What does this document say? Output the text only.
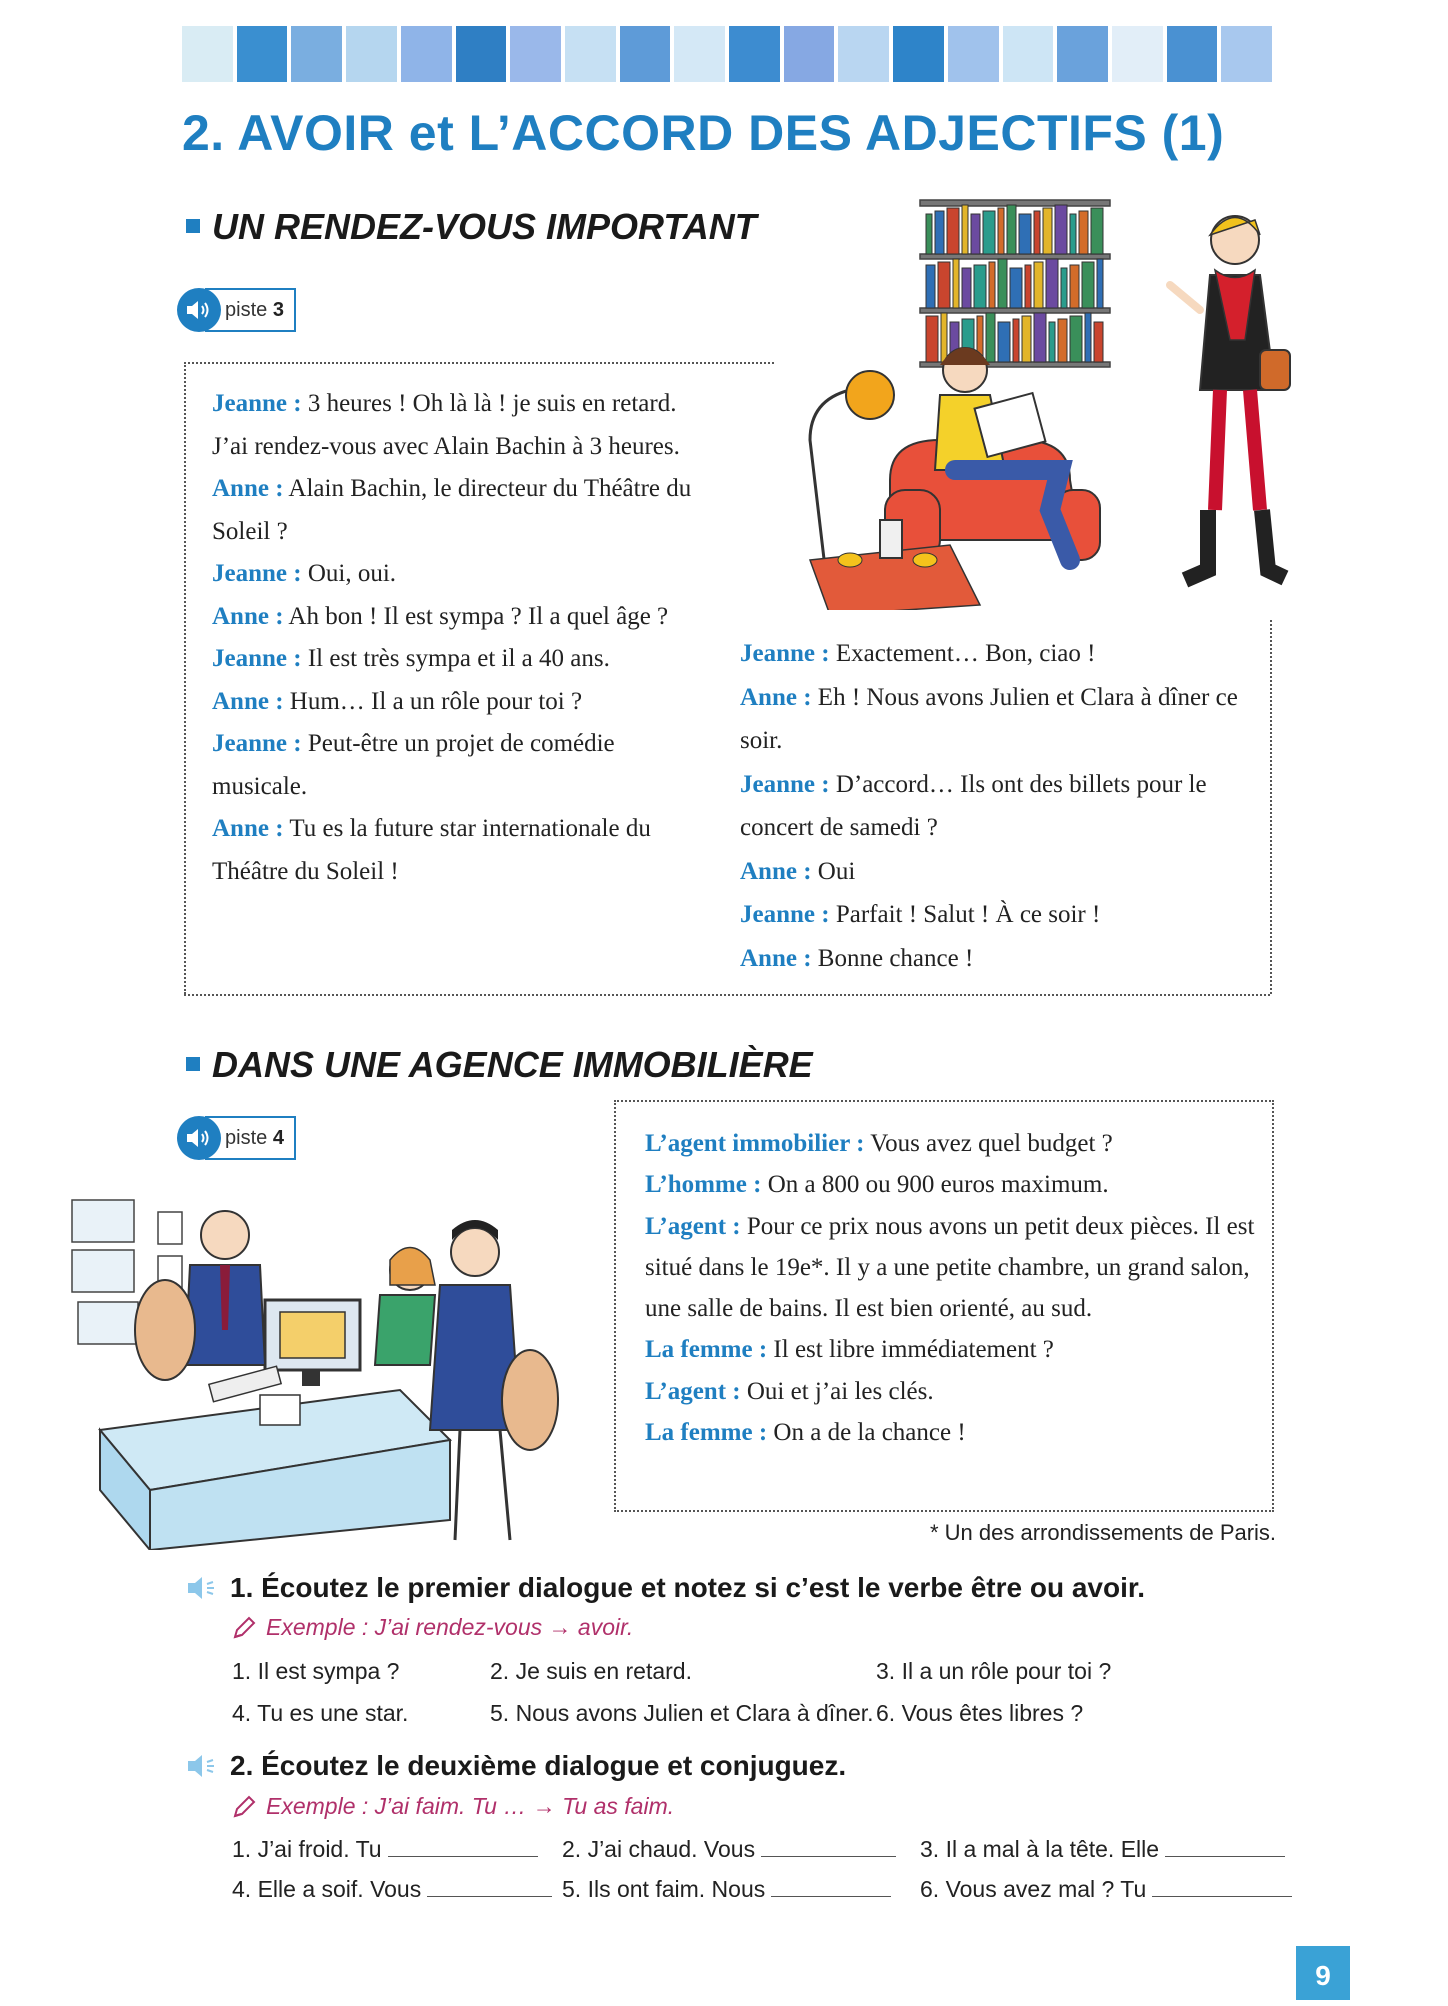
2. AVOIR et L’ACCORD DES ADJECTIFS (1)
UN RENDEZ-VOUS IMPORTANT
piste 3
Jeanne : 3 heures ! Oh là là ! je suis en retard. J’ai rendez-vous avec Alain Bachin à 3 heures.
Anne : Alain Bachin, le directeur du Théâtre du Soleil ?
Jeanne : Oui, oui.
Anne : Ah bon ! Il est sympa ? Il a quel âge ?
Jeanne : Il est très sympa et il a 40 ans.
Anne : Hum… Il a un rôle pour toi ?
Jeanne : Peut-être un projet de comédie musicale.
Anne : Tu es la future star internationale du Théâtre du Soleil !
Jeanne : Exactement… Bon, ciao !
Anne : Eh ! Nous avons Julien et Clara à dîner ce soir.
Jeanne : D’accord… Ils ont des billets pour le concert de samedi ?
Anne : Oui
Jeanne : Parfait ! Salut ! À ce soir !
Anne : Bonne chance !
DANS UNE AGENCE IMMOBILIÈRE
piste 4	L’agent immobilier : Vous avez quel budget ?
L’homme : On a 800 ou 900 euros maximum.
L’agent : Pour ce prix nous avons un petit deux pièces. Il est situé dans le 19e*. Il y a une petite chambre, un grand salon, une salle de bains. Il est bien orienté, au sud.
La femme : Il est libre immédiatement ?
L’agent : Oui et j’ai les clés.
La femme : On a de la chance !
* Un des arrondissements de Paris.
1. Écoutez le premier dialogue et notez si c’est le verbe être ou avoir.
Exemple : J’ai rendez-vous → avoir.
1. Il est sympa ?	2. Je suis en retard.	3. Il a un rôle pour toi ?
4. Tu es une star.	5. Nous avons Julien et Clara à dîner. 6. Vous êtes libres ?
2. Écoutez le deuxième dialogue et conjuguez.
Exemple : J’ai faim. Tu … → Tu as faim.
1. J’ai froid. Tu	2. J’ai chaud. Vous	3. Il a mal à la tête. Elle
4. Elle a soif. Vous	5. Ils ont faim. Nous	6. Vous avez mal ? Tu
9
